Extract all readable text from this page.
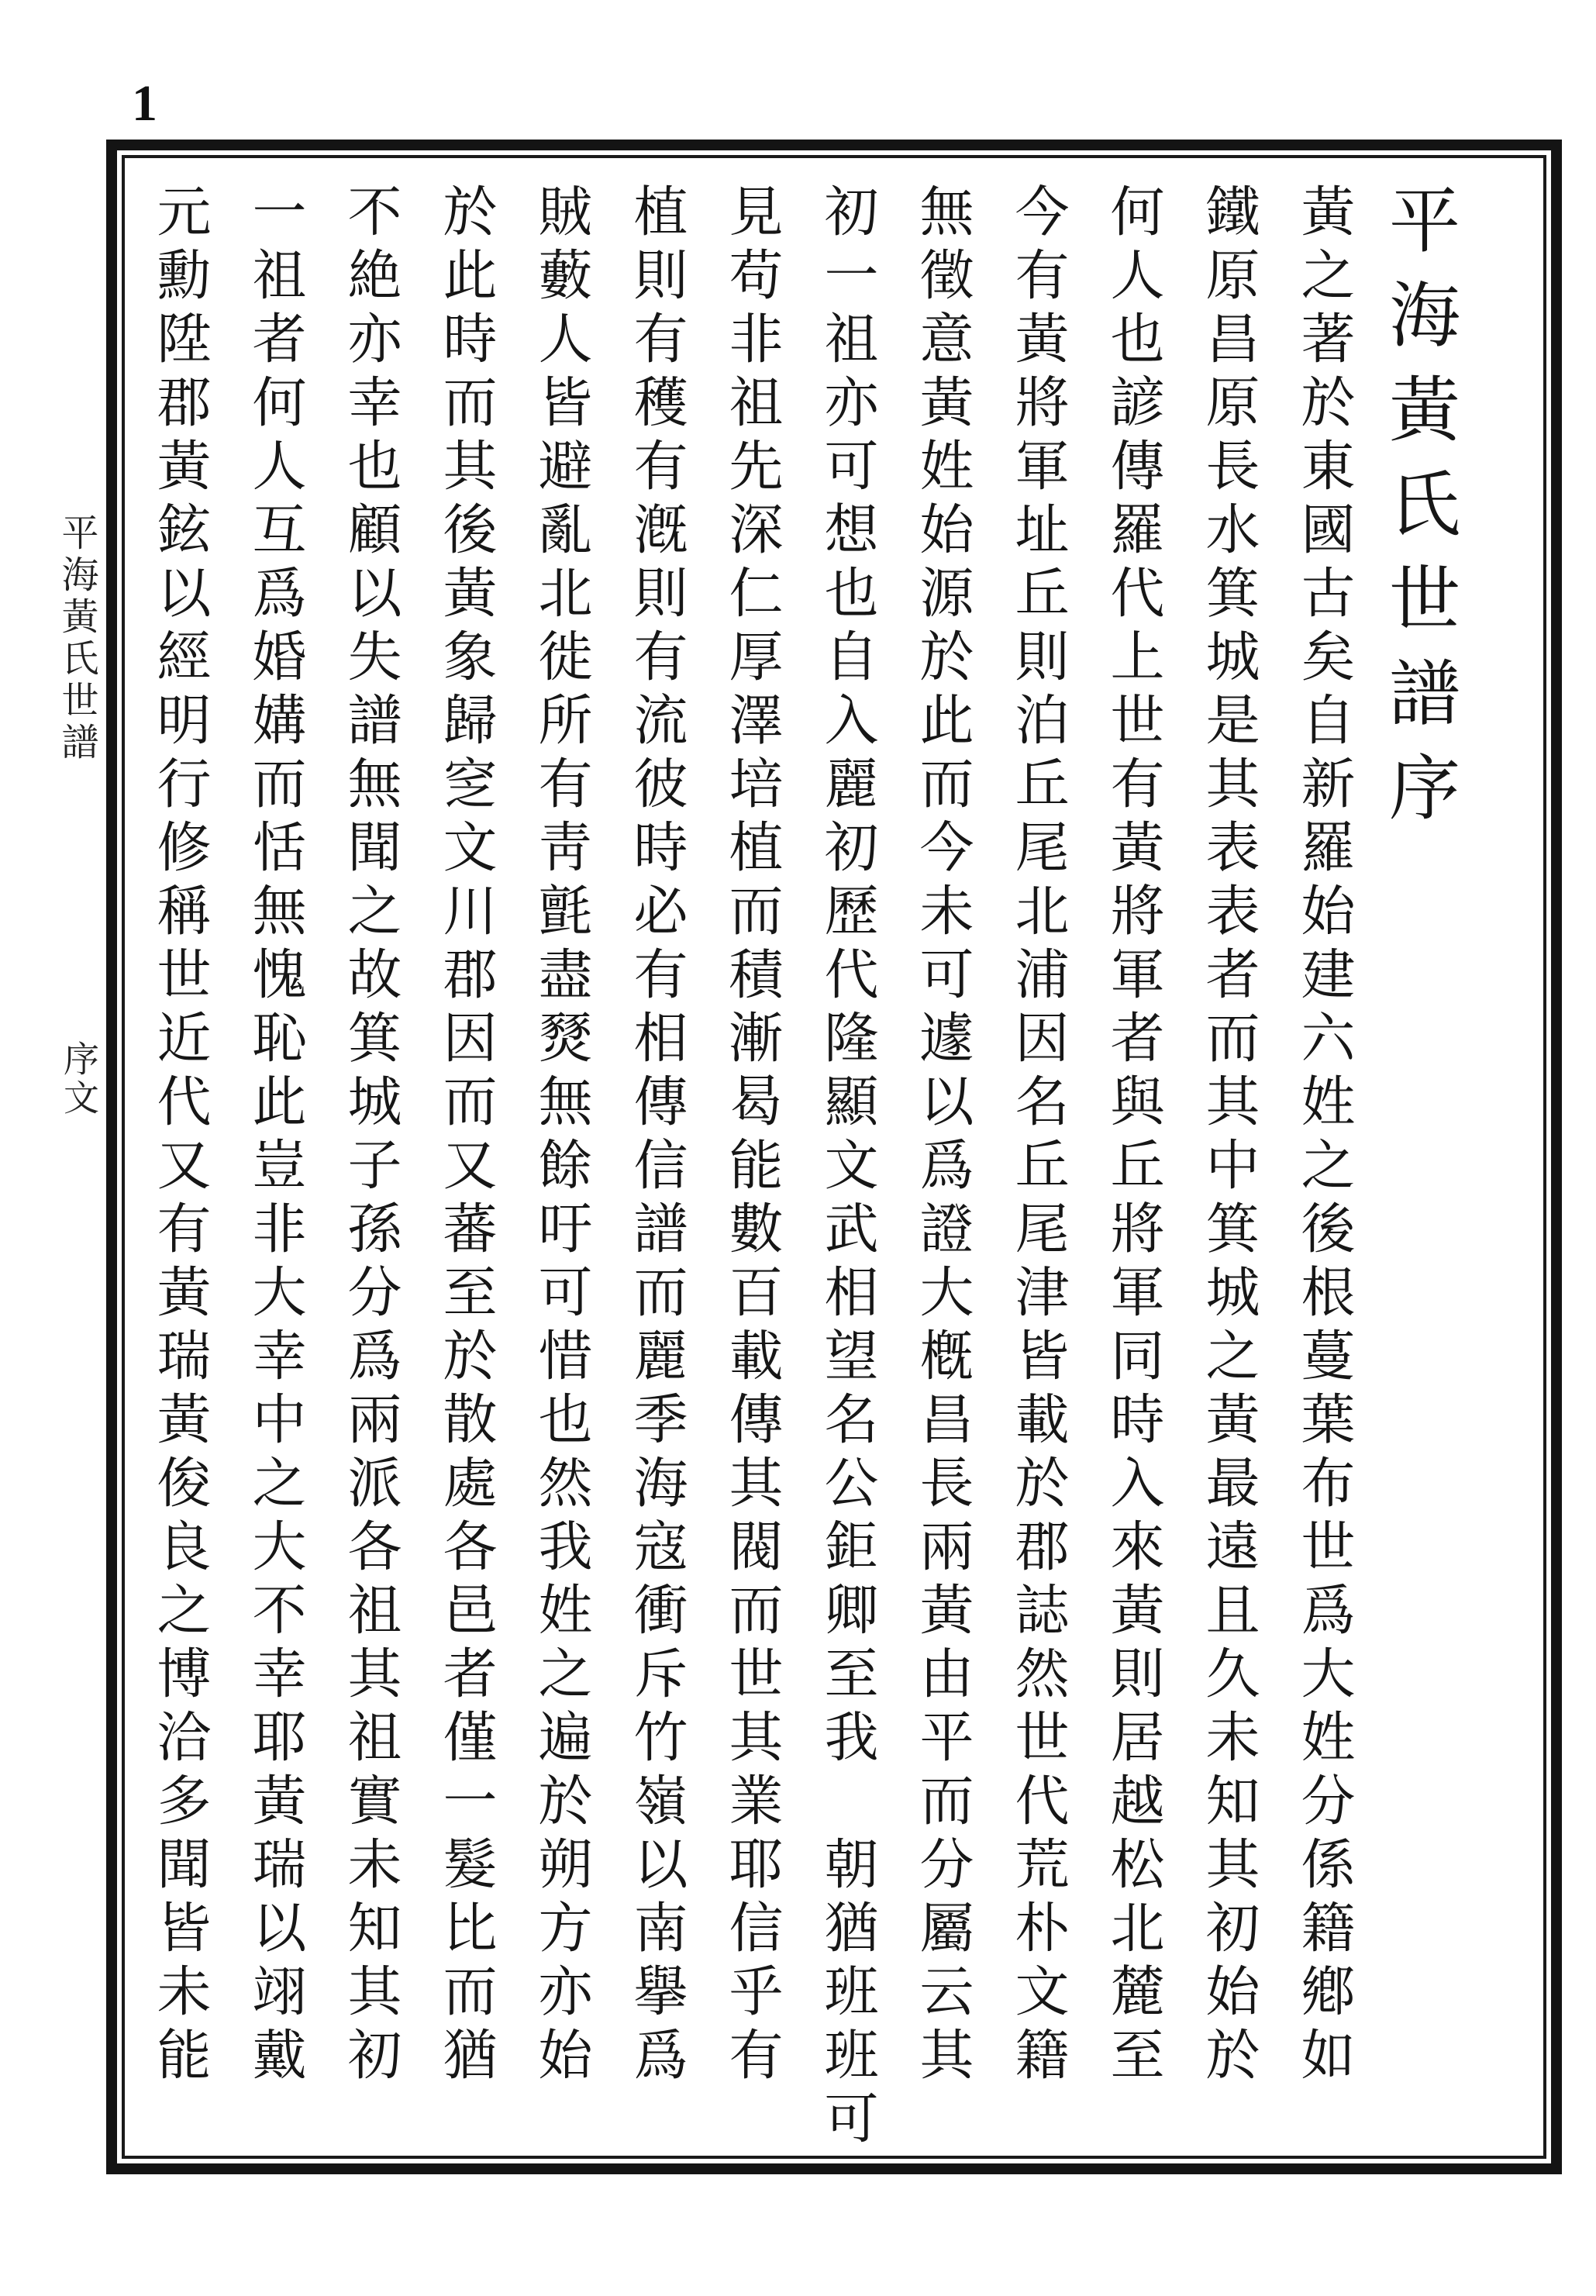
1
平海黃氏世譜
序文
平海黃氏世譜序
黃之著於東國古矣自新羅始建六姓之後根蔓葉布世爲大姓分係籍鄕如
鐵原昌原長水箕城是其表表者而其中箕城之黃最遠且久未知其初始於
何人也諺傳羅代上世有黃將軍者與丘將軍同時入來黃則居越松北麓至
今有黃將軍址丘則泊丘尾北浦因名丘尾津皆載於郡誌然世代荒朴文籍
無徵意黃姓始源於此而今未可遽以爲證大槪昌長兩黃由平而分屬云其
初一祖亦可想也自入麗初歷代隆顯文武相望名公鉅卿至我　朝猶班班可
見苟非祖先深仁厚澤培植而積漸曷能數百載傳其閥而世其業耶信乎有
植則有穫有漑則有流彼時必有相傳信譜而麗季海寇衝斥竹嶺以南擧爲
賊藪人皆避亂北徙所有靑氈盡燹無餘吁可惜也然我姓之遍於朔方亦始
於此時而其後黃象歸窆文川郡因而又蕃至於散處各邑者僅一髮比而猶
不絶亦幸也顧以失譜無聞之故箕城子孫分爲兩派各祖其祖實未知其初
一祖者何人互爲婚媾而恬無愧恥此豈非大幸中之大不幸耶黃瑞以翊戴
元勳陞郡黃鉉以經明行修稱世近代又有黃瑞黃俊良之博洽多聞皆未能
